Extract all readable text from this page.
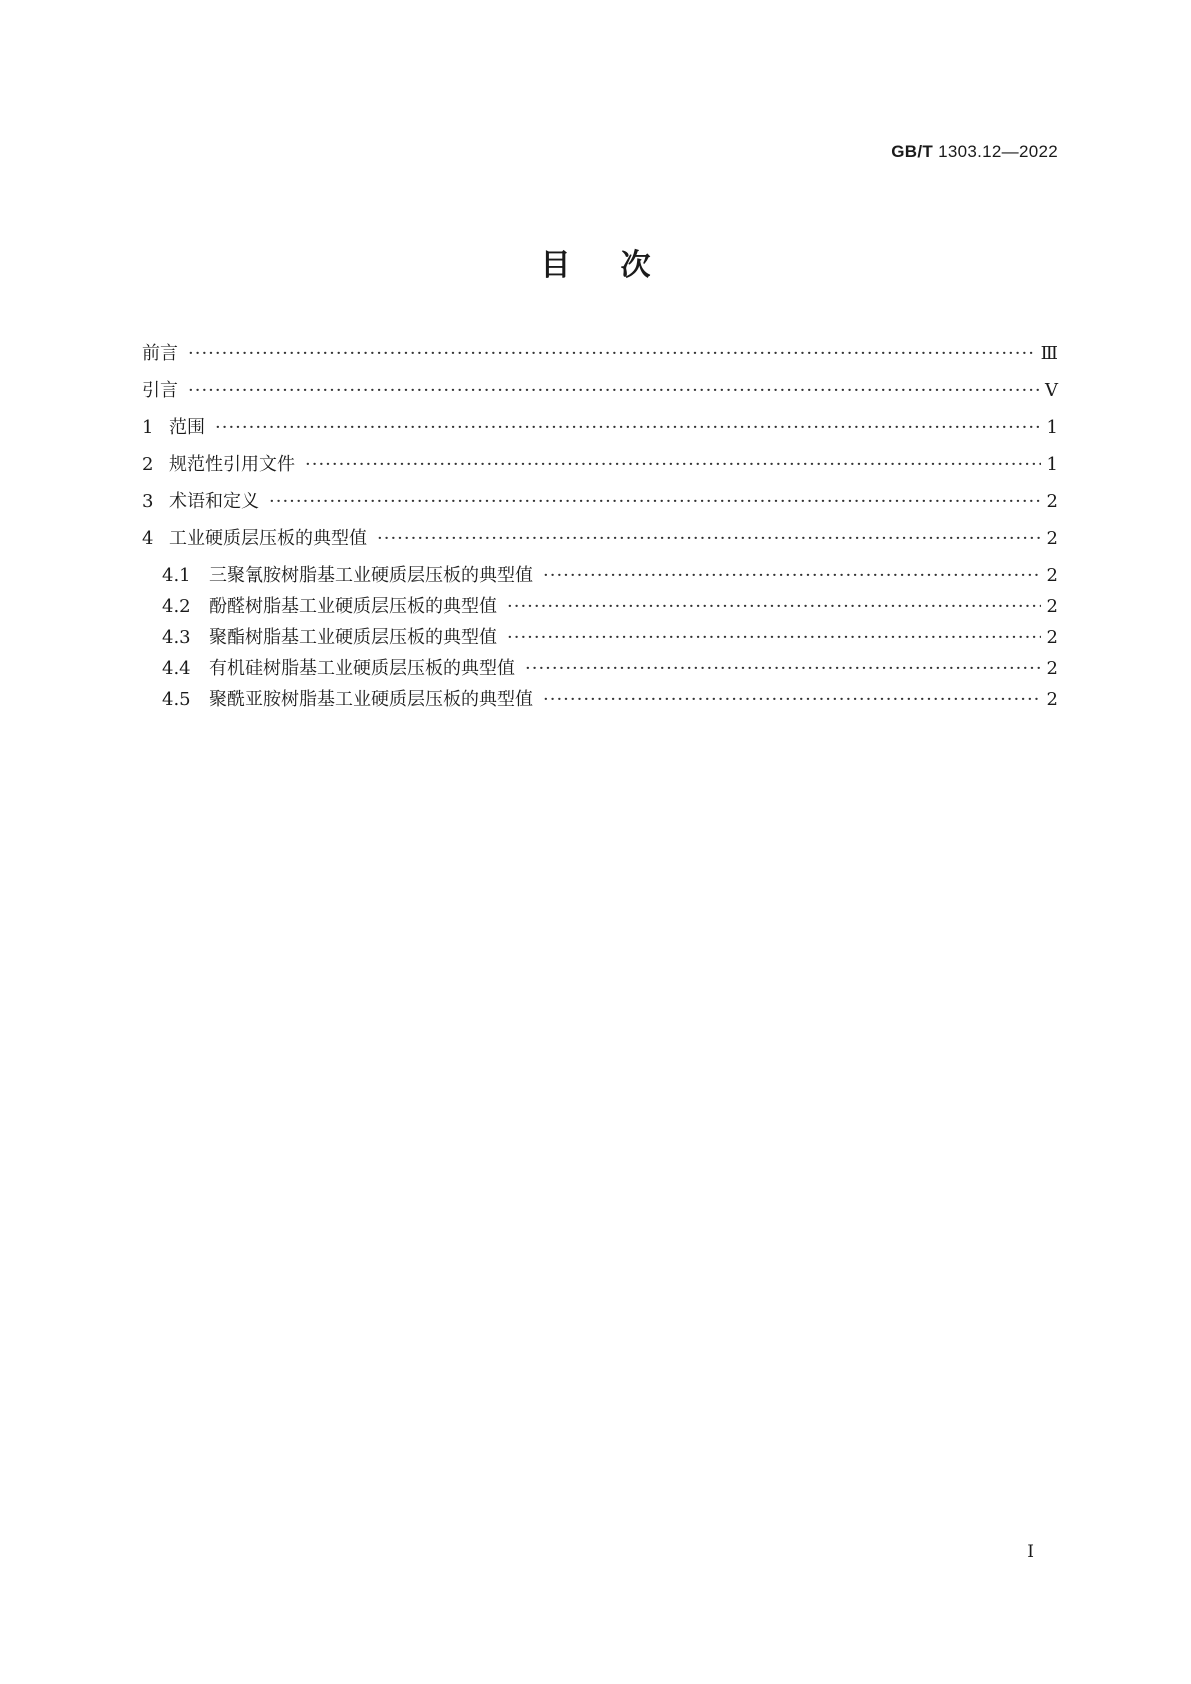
GB/T 1303.12—2022
目次
前言 ·····	Ⅲ
引言 ·····	Ⅴ
1 范围 ·····	1
2 规范性引用文件 ·····	1
3 术语和定义 ·····	2
4 工业硬质层压板的典型值 ·····	2
4.1	三聚氰胺树脂基工业硬质层压板的典型值 ·····	2
4.2	酚醛树脂基工业硬质层压板的典型值 ·····	2
4.3	聚酯树脂基工业硬质层压板的典型值 ·····	2
4.4	有机硅树脂基工业硬质层压板的典型值 ·····	2
4.5	聚酰亚胺树脂基工业硬质层压板的典型值 ·····	2
Ⅰ
